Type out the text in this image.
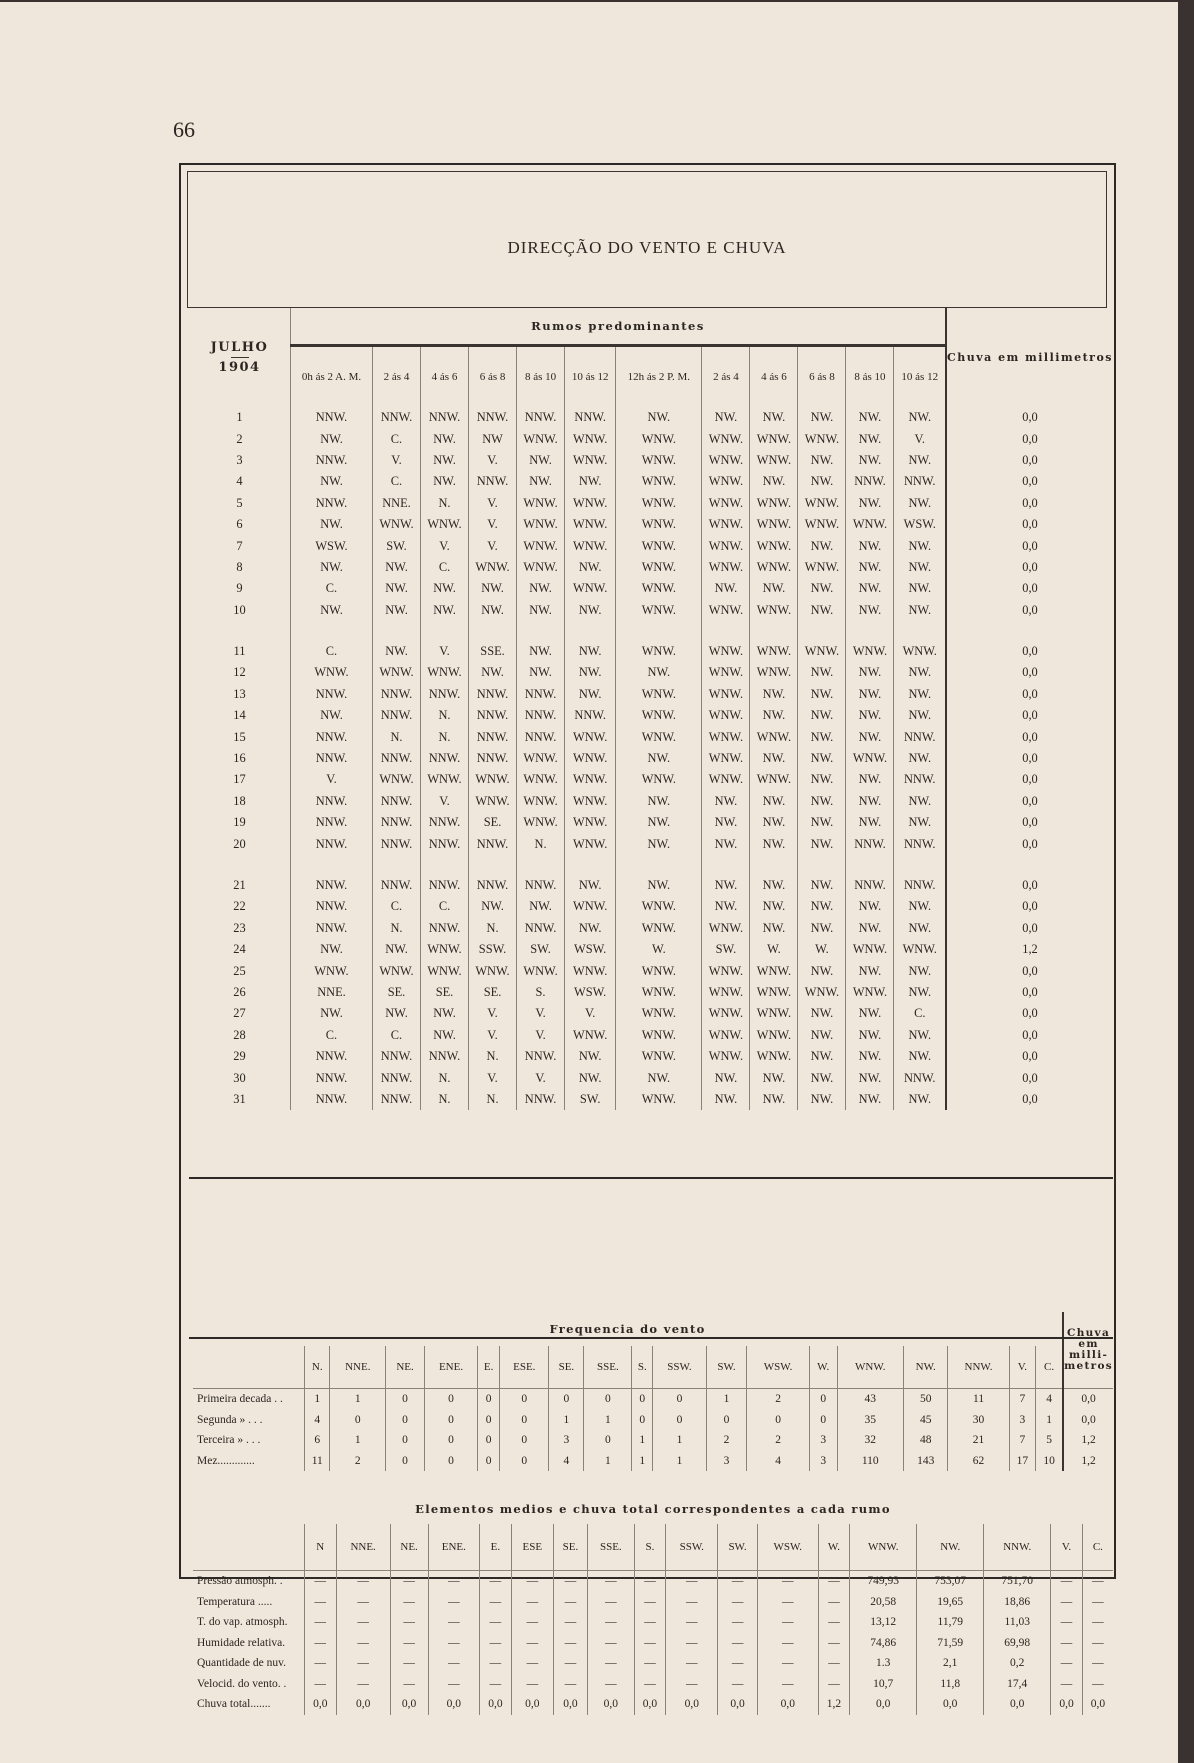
66
DIRECÇÃO DO VENTO E CHUVA
JULHO
1904	Rumos predominantes												Chuva em millimetros
	0h ás 2 A. M.	2 ás 4	4 ás 6	6 ás 8	8 ás 10	10 ás 12	12h ás 2 P. M.	2 ás 4	4 ás 6	6 ás 8	8 ás 10	10 ás 12	
1	NNW.	NNW.	NNW.	NNW.	NNW.	NNW.	NW.	NW.	NW.	NW.	NW.	NW.	0,0
2	NW.	C.	NW.	NW	WNW.	WNW.	WNW.	WNW.	WNW.	WNW.	NW.	V.	0,0
3	NNW.	V.	NW.	V.	NW.	WNW.	WNW.	WNW.	WNW.	NW.	NW.	NW.	0,0
4	NW.	C.	NW.	NNW.	NW.	NW.	WNW.	WNW.	NW.	NW.	NNW.	NNW.	0,0
5	NNW.	NNE.	N.	V.	WNW.	WNW.	WNW.	WNW.	WNW.	WNW.	NW.	NW.	0,0
6	NW.	WNW.	WNW.	V.	WNW.	WNW.	WNW.	WNW.	WNW.	WNW.	WNW.	WSW.	0,0
7	WSW.	SW.	V.	V.	WNW.	WNW.	WNW.	WNW.	WNW.	NW.	NW.	NW.	0,0
8	NW.	NW.	C.	WNW.	WNW.	NW.	WNW.	WNW.	WNW.	WNW.	NW.	NW.	0,0
9	C.	NW.	NW.	NW.	NW.	WNW.	WNW.	NW.	NW.	NW.	NW.	NW.	0,0
10	NW.	NW.	NW.	NW.	NW.	NW.	WNW.	WNW.	WNW.	NW.	NW.	NW.	0,0

11	C.	NW.	V.	SSE.	NW.	NW.	WNW.	WNW.	WNW.	WNW.	WNW.	WNW.	0,0
12	WNW.	WNW.	WNW.	NW.	NW.	NW.	NW.	WNW.	WNW.	NW.	NW.	NW.	0,0
13	NNW.	NNW.	NNW.	NNW.	NNW.	NW.	WNW.	WNW.	NW.	NW.	NW.	NW.	0,0
14	NW.	NNW.	N.	NNW.	NNW.	NNW.	WNW.	WNW.	NW.	NW.	NW.	NW.	0,0
15	NNW.	N.	N.	NNW.	NNW.	WNW.	WNW.	WNW.	WNW.	NW.	NW.	NNW.	0,0
16	NNW.	NNW.	NNW.	NNW.	WNW.	WNW.	NW.	WNW.	NW.	NW.	WNW.	NW.	0,0
17	V.	WNW.	WNW.	WNW.	WNW.	WNW.	WNW.	WNW.	WNW.	NW.	NW.	NNW.	0,0
18	NNW.	NNW.	V.	WNW.	WNW.	WNW.	NW.	NW.	NW.	NW.	NW.	NW.	0,0
19	NNW.	NNW.	NNW.	SE.	WNW.	WNW.	NW.	NW.	NW.	NW.	NW.	NW.	0,0
20	NNW.	NNW.	NNW.	NNW.	N.	WNW.	NW.	NW.	NW.	NW.	NNW.	NNW.	0,0

21	NNW.	NNW.	NNW.	NNW.	NNW.	NW.	NW.	NW.	NW.	NW.	NNW.	NNW.	0,0
22	NNW.	C.	C.	NW.	NW.	WNW.	WNW.	NW.	NW.	NW.	NW.	NW.	0,0
23	NNW.	N.	NNW.	N.	NNW.	NW.	WNW.	WNW.	NW.	NW.	NW.	NW.	0,0
24	NW.	NW.	WNW.	SSW.	SW.	WSW.	W.	SW.	W.	W.	WNW.	WNW.	1,2
25	WNW.	WNW.	WNW.	WNW.	WNW.	WNW.	WNW.	WNW.	WNW.	NW.	NW.	NW.	0,0
26	NNE.	SE.	SE.	SE.	S.	WSW.	WNW.	WNW.	WNW.	WNW.	WNW.	NW.	0,0
27	NW.	NW.	NW.	V.	V.	V.	WNW.	WNW.	WNW.	NW.	NW.	C.	0,0
28	C.	C.	NW.	V.	V.	WNW.	WNW.	WNW.	WNW.	NW.	NW.	NW.	0,0
29	NNW.	NNW.	NNW.	N.	NNW.	NW.	WNW.	WNW.	WNW.	NW.	NW.	NW.	0,0
30	NNW.	NNW.	N.	V.	V.	NW.	NW.	NW.	NW.	NW.	NW.	NNW.	0,0
31	NNW.	NNW.	N.	N.	NNW.	SW.	WNW.	NW.	NW.	NW.	NW.	NW.	0,0
Frequencia do vento																			Chuva em milli- metros
	N.	NNE.	NE.	ENE.	E.	ESE.	SE.	SSE.	S.	SSW.	SW.	WSW.	W.	WNW.	NW.	NNW.	V.	C.	
Primeira decada . .	1	1	0	0	0	0	0	0	0	0	1	2	0	43	50	11	7	4	0,0
Segunda » . . .	4	0	0	0	0	0	1	1	0	0	0	0	0	35	45	30	3	1	0,0
Terceira » . . .	6	1	0	0	0	0	3	0	1	1	2	2	3	32	48	21	7	5	1,2
Mez.............	11	2	0	0	0	0	4	1	1	1	3	4	3	110	143	62	17	10	1,2
Elementos medios e chuva total correspondentes a cada rumo																		
	N	NNE.	NE.	ENE.	E.	ESE	SE.	SSE.	S.	SSW.	SW.	WSW.	W.	WNW.	NW.	NNW.	V.	C.
Pressão atmosph. .	—	—	—	—	—	—	—	—	—	—	—	—	—	749,93	753,07	751,70	—	—
Temperatura .....	—	—	—	—	—	—	—	—	—	—	—	—	—	20,58	19,65	18,86	—	—
T. do vap. atmosph.	—	—	—	—	—	—	—	—	—	—	—	—	—	13,12	11,79	11,03	—	—
Humidade relativa.	—	—	—	—	—	—	—	—	—	—	—	—	—	74,86	71,59	69,98	—	—
Quantidade de nuv.	—	—	—	—	—	—	—	—	—	—	—	—	—	1.3	2,1	0,2	—	—
Velocid. do vento. .	—	—	—	—	—	—	—	—	—	—	—	—	—	10,7	11,8	17,4	—	—
Chuva total.......	0,0	0,0	0,0	0,0	0,0	0,0	0,0	0,0	0,0	0,0	0,0	0,0	1,2	0,0	0,0	0,0	0,0	0,0
